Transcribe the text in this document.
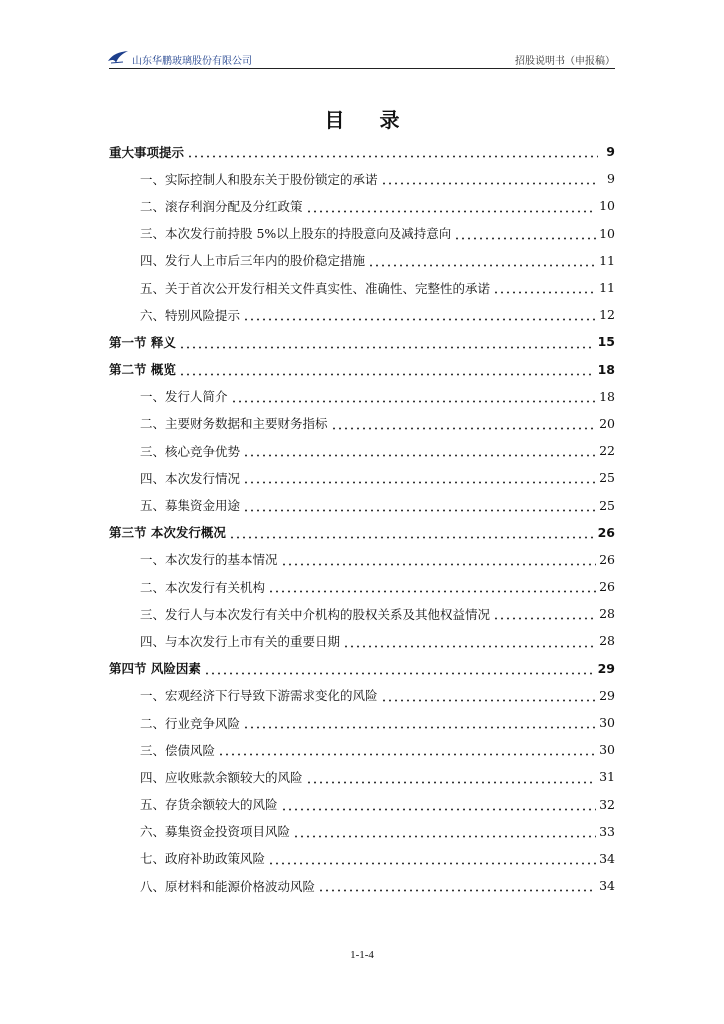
山东华鹏玻璃股份有限公司	招股说明书（申报稿）
目 录
重大事项提示	9
一、实际控制人和股东关于股份锁定的承诺	9
二、滚存利润分配及分红政策	10
三、本次发行前持股 5%以上股东的持股意向及减持意向	10
四、发行人上市后三年内的股价稳定措施	11
五、关于首次公开发行相关文件真实性、准确性、完整性的承诺	11
六、特别风险提示	12
第一节 释义	15
第二节 概览	18
一、发行人简介	18
二、主要财务数据和主要财务指标	20
三、核心竞争优势	22
四、本次发行情况	25
五、募集资金用途	25
第三节 本次发行概况	26
一、本次发行的基本情况	26
二、本次发行有关机构	26
三、发行人与本次发行有关中介机构的股权关系及其他权益情况	28
四、与本次发行上市有关的重要日期	28
第四节 风险因素	29
一、宏观经济下行导致下游需求变化的风险	29
二、行业竞争风险	30
三、偿债风险	30
四、应收账款余额较大的风险	31
五、存货余额较大的风险	32
六、募集资金投资项目风险	33
七、政府补助政策风险	34
八、原材料和能源价格波动风险	34
1-1-4
